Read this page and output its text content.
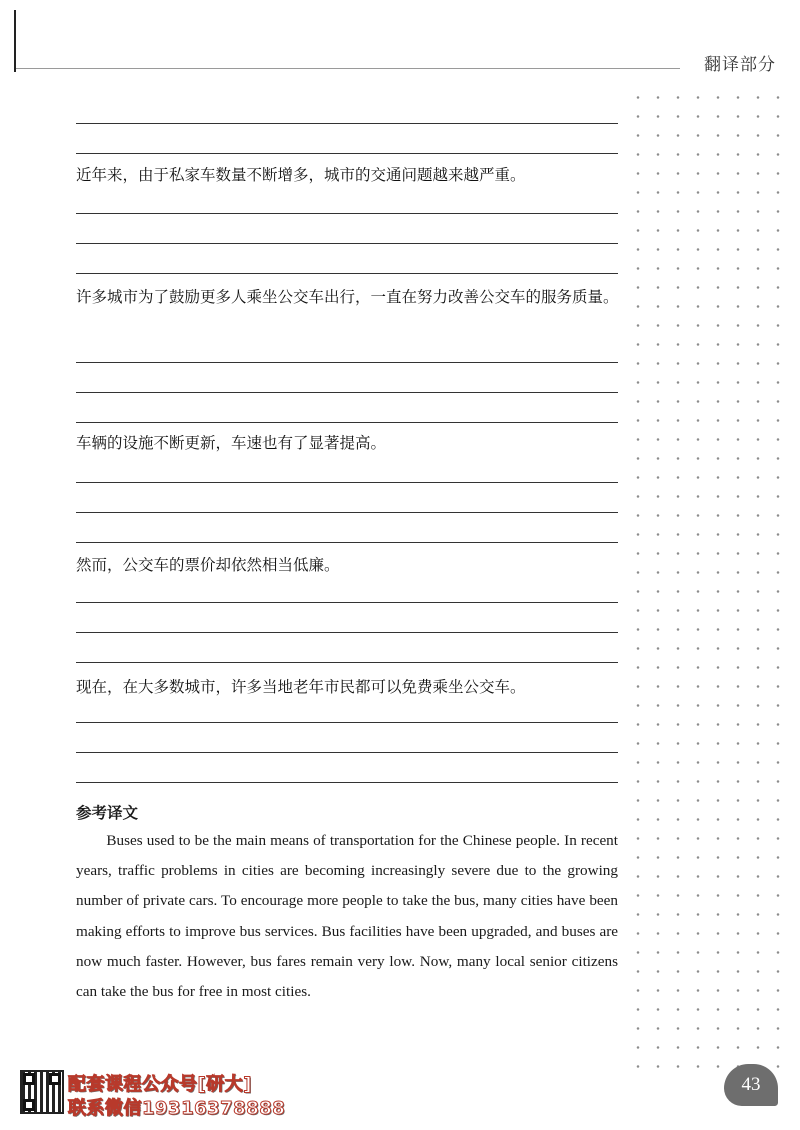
翻译部分
近年来，由于私家车数量不断增多，城市的交通问题越来越严重。
许多城市为了鼓励更多人乘坐公交车出行，一直在努力改善公交车的服务质量。
车辆的设施不断更新，车速也有了显著提高。
然而，公交车的票价却依然相当低廉。
现在，在大多数城市，许多当地老年市民都可以免费乘坐公交车。
参考译文
Buses used to be the main means of transportation for the Chinese people. In recent years, traffic problems in cities are becoming increasingly severe due to the growing number of private cars. To encourage more people to take the bus, many cities have been making efforts to improve bus services. Bus facilities have been upgraded, and buses are now much faster. However, bus fares remain very low. Now, many local senior citizens can take the bus for free in most cities.
配套课程公众号[研大]
联系微信19316378888
43
